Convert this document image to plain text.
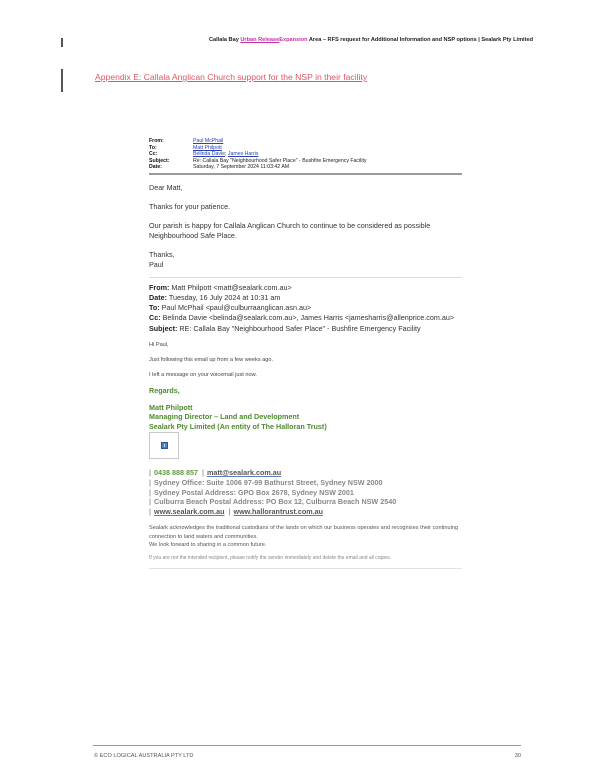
Callala Bay Urban ReleaseExpansion Area – RFS request for Additional Information and NSP options | Sealark Pty Limited
Appendix E: Callala Anglican Church support for the NSP in their facility
From:	Paul McPhail
To:	Matt Philpott
Cc:	Belinda Davie; James Harris
Subject:	Re: Callala Bay "Neighbourhood Safer Place" - Bushfire Emergency Facility
Date:	Saturday, 7 September 2024 11:03:42 AM

Dear Matt,

Thanks for your patience.

Our parish is happy for Callala Anglican Church to continue to be considered as possible Neighbourhood Safe Place.

Thanks,

Paul

From: Matt Philpott <matt@sealark.com.au>
Date: Tuesday, 16 July 2024 at 10:31 am
To: Paul McPhail <paul@culburraanglican.asn.au>
Cc: Belinda Davie <belinda@sealark.com.au>, James Harris <jamesharris@allenprice.com.au>
Subject: RE: Callala Bay "Neighbourhood Safer Place" - Bushfire Emergency Facility

Hi Paul,

Just following this email up from a few weeks ago.

I left a message on your voicemail just now.

Regards,
Matt Philpott
Managing Director – Land and Development
Sealark Pty Limited (An entity of The Halloran Trust)
| 0438 888 857  | matt@sealark.com.au
| Sydney Office: Suite 1006 97-99 Bathurst Street, Sydney NSW 2000
| Sydney Postal Address: GPO Box 2678, Sydney NSW 2001
| Culburra Beach Postal Address: PO Box 12, Culburra Beach NSW 2540
| www.sealark.com.au  | www.hallorantrust.com.au
Sealark acknowledges the traditional custodians of the lands on which our business operates and recognises their continuing connection to land waters and communities.
We look forward to sharing in a common future.
If you are not the intended recipient, please notify the sender immediately and delete the email and all copies.
© ECO LOGICAL AUSTRALIA PTY LTD	30
